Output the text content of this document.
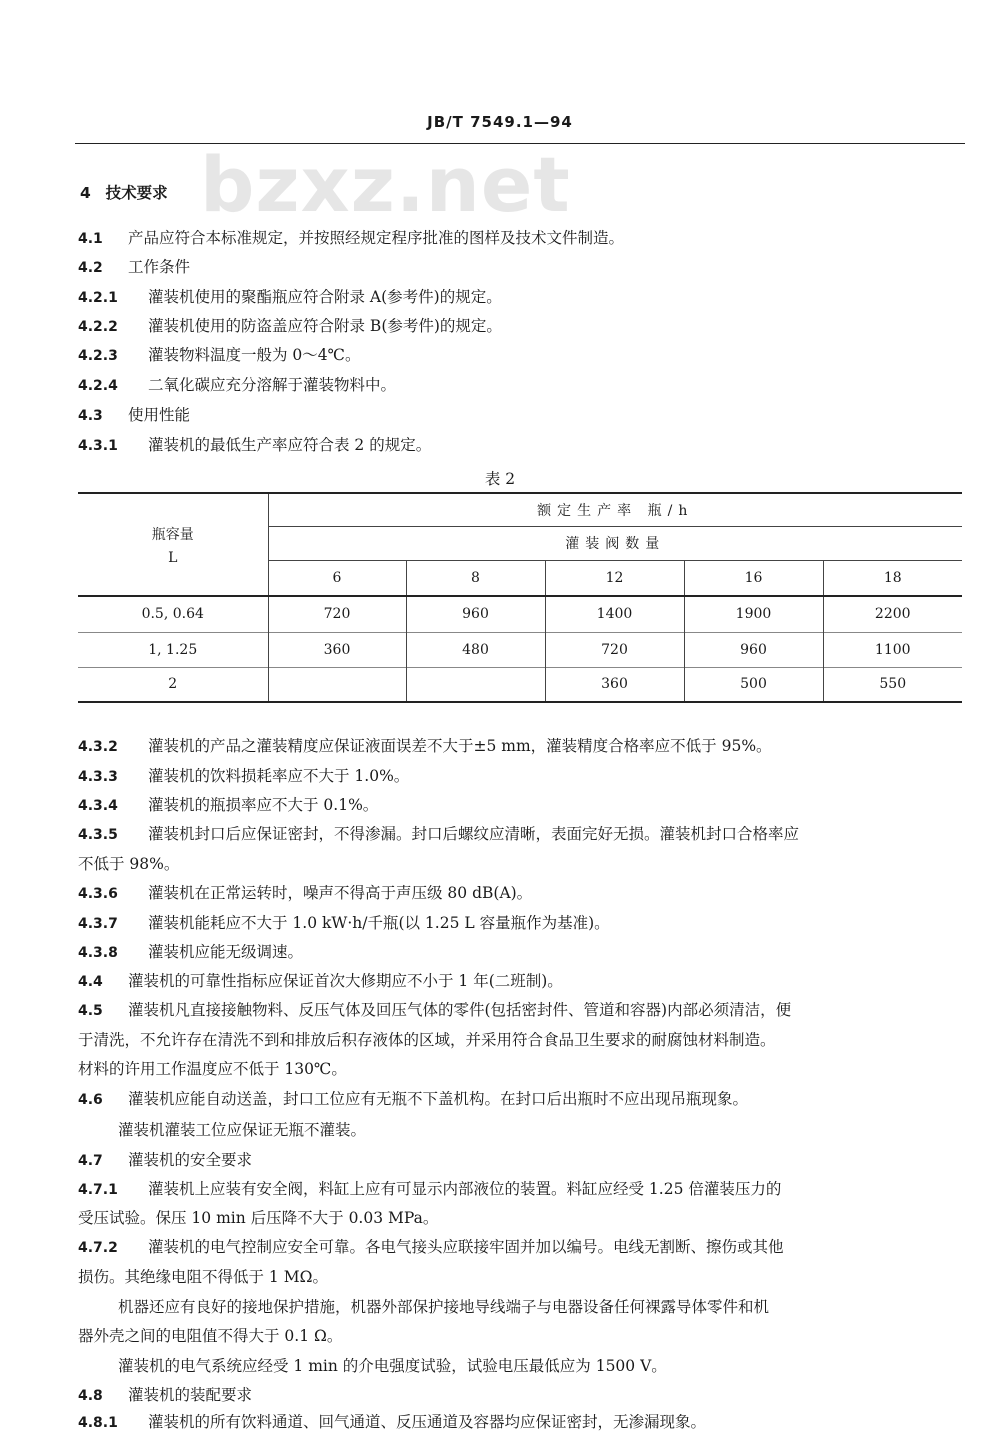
bzxz.net
JB/T 7549.1—94
4 技术要求
4.1 产品应符合本标准规定，并按照经规定程序批准的图样及技术文件制造。
4.2 工作条件
4.2.1 灌装机使用的聚酯瓶应符合附录 A(参考件)的规定。
4.2.2 灌装机使用的防盗盖应符合附录 B(参考件)的规定。
4.2.3 灌装物料温度一般为 0～4℃。
4.2.4 二氧化碳应充分溶解于灌装物料中。
4.3 使用性能
4.3.1 灌装机的最低生产率应符合表 2 的规定。
表 2
瓶容量
L	额定生产率 瓶/h				
	灌装阀数量				
	6	8	12	16	18
0.5, 0.64	720	960	1400	1900	2200
1, 1.25	360	480	720	960	1100
2			360	500	550
4.3.2 灌装机的产品之灌装精度应保证液面误差不大于±5 mm，灌装精度合格率应不低于 95%。
4.3.3 灌装机的饮料损耗率应不大于 1.0%。
4.3.4 灌装机的瓶损率应不大于 0.1%。
4.3.5 灌装机封口后应保证密封，不得渗漏。封口后螺纹应清晰，表面完好无损。灌装机封口合格率应
不低于 98%。
4.3.6 灌装机在正常运转时，噪声不得高于声压级 80 dB(A)。
4.3.7 灌装机能耗应不大于 1.0 kW·h/千瓶(以 1.25 L 容量瓶作为基准)。
4.3.8 灌装机应能无级调速。
4.4 灌装机的可靠性指标应保证首次大修期应不小于 1 年(二班制)。
4.5 灌装机凡直接接触物料、反压气体及回压气体的零件(包括密封件、管道和容器)内部必须清洁，便
于清洗，不允许存在清洗不到和排放后积存液体的区域，并采用符合食品卫生要求的耐腐蚀材料制造。
材料的许用工作温度应不低于 130℃。
4.6 灌装机应能自动送盖，封口工位应有无瓶不下盖机构。在封口后出瓶时不应出现吊瓶现象。
灌装机灌装工位应保证无瓶不灌装。
4.7 灌装机的安全要求
4.7.1 灌装机上应装有安全阀，料缸上应有可显示内部液位的装置。料缸应经受 1.25 倍灌装压力的
受压试验。保压 10 min 后压降不大于 0.03 MPa。
4.7.2 灌装机的电气控制应安全可靠。各电气接头应联接牢固并加以编号。电线无割断、擦伤或其他
损伤。其绝缘电阻不得低于 1 MΩ。
机器还应有良好的接地保护措施，机器外部保护接地导线端子与电器设备任何裸露导体零件和机
器外壳之间的电阻值不得大于 0.1 Ω。
灌装机的电气系统应经受 1 min 的介电强度试验，试验电压最低应为 1500 V。
4.8 灌装机的装配要求
4.8.1 灌装机的所有饮料通道、回气通道、反压通道及容器均应保证密封，无渗漏现象。
